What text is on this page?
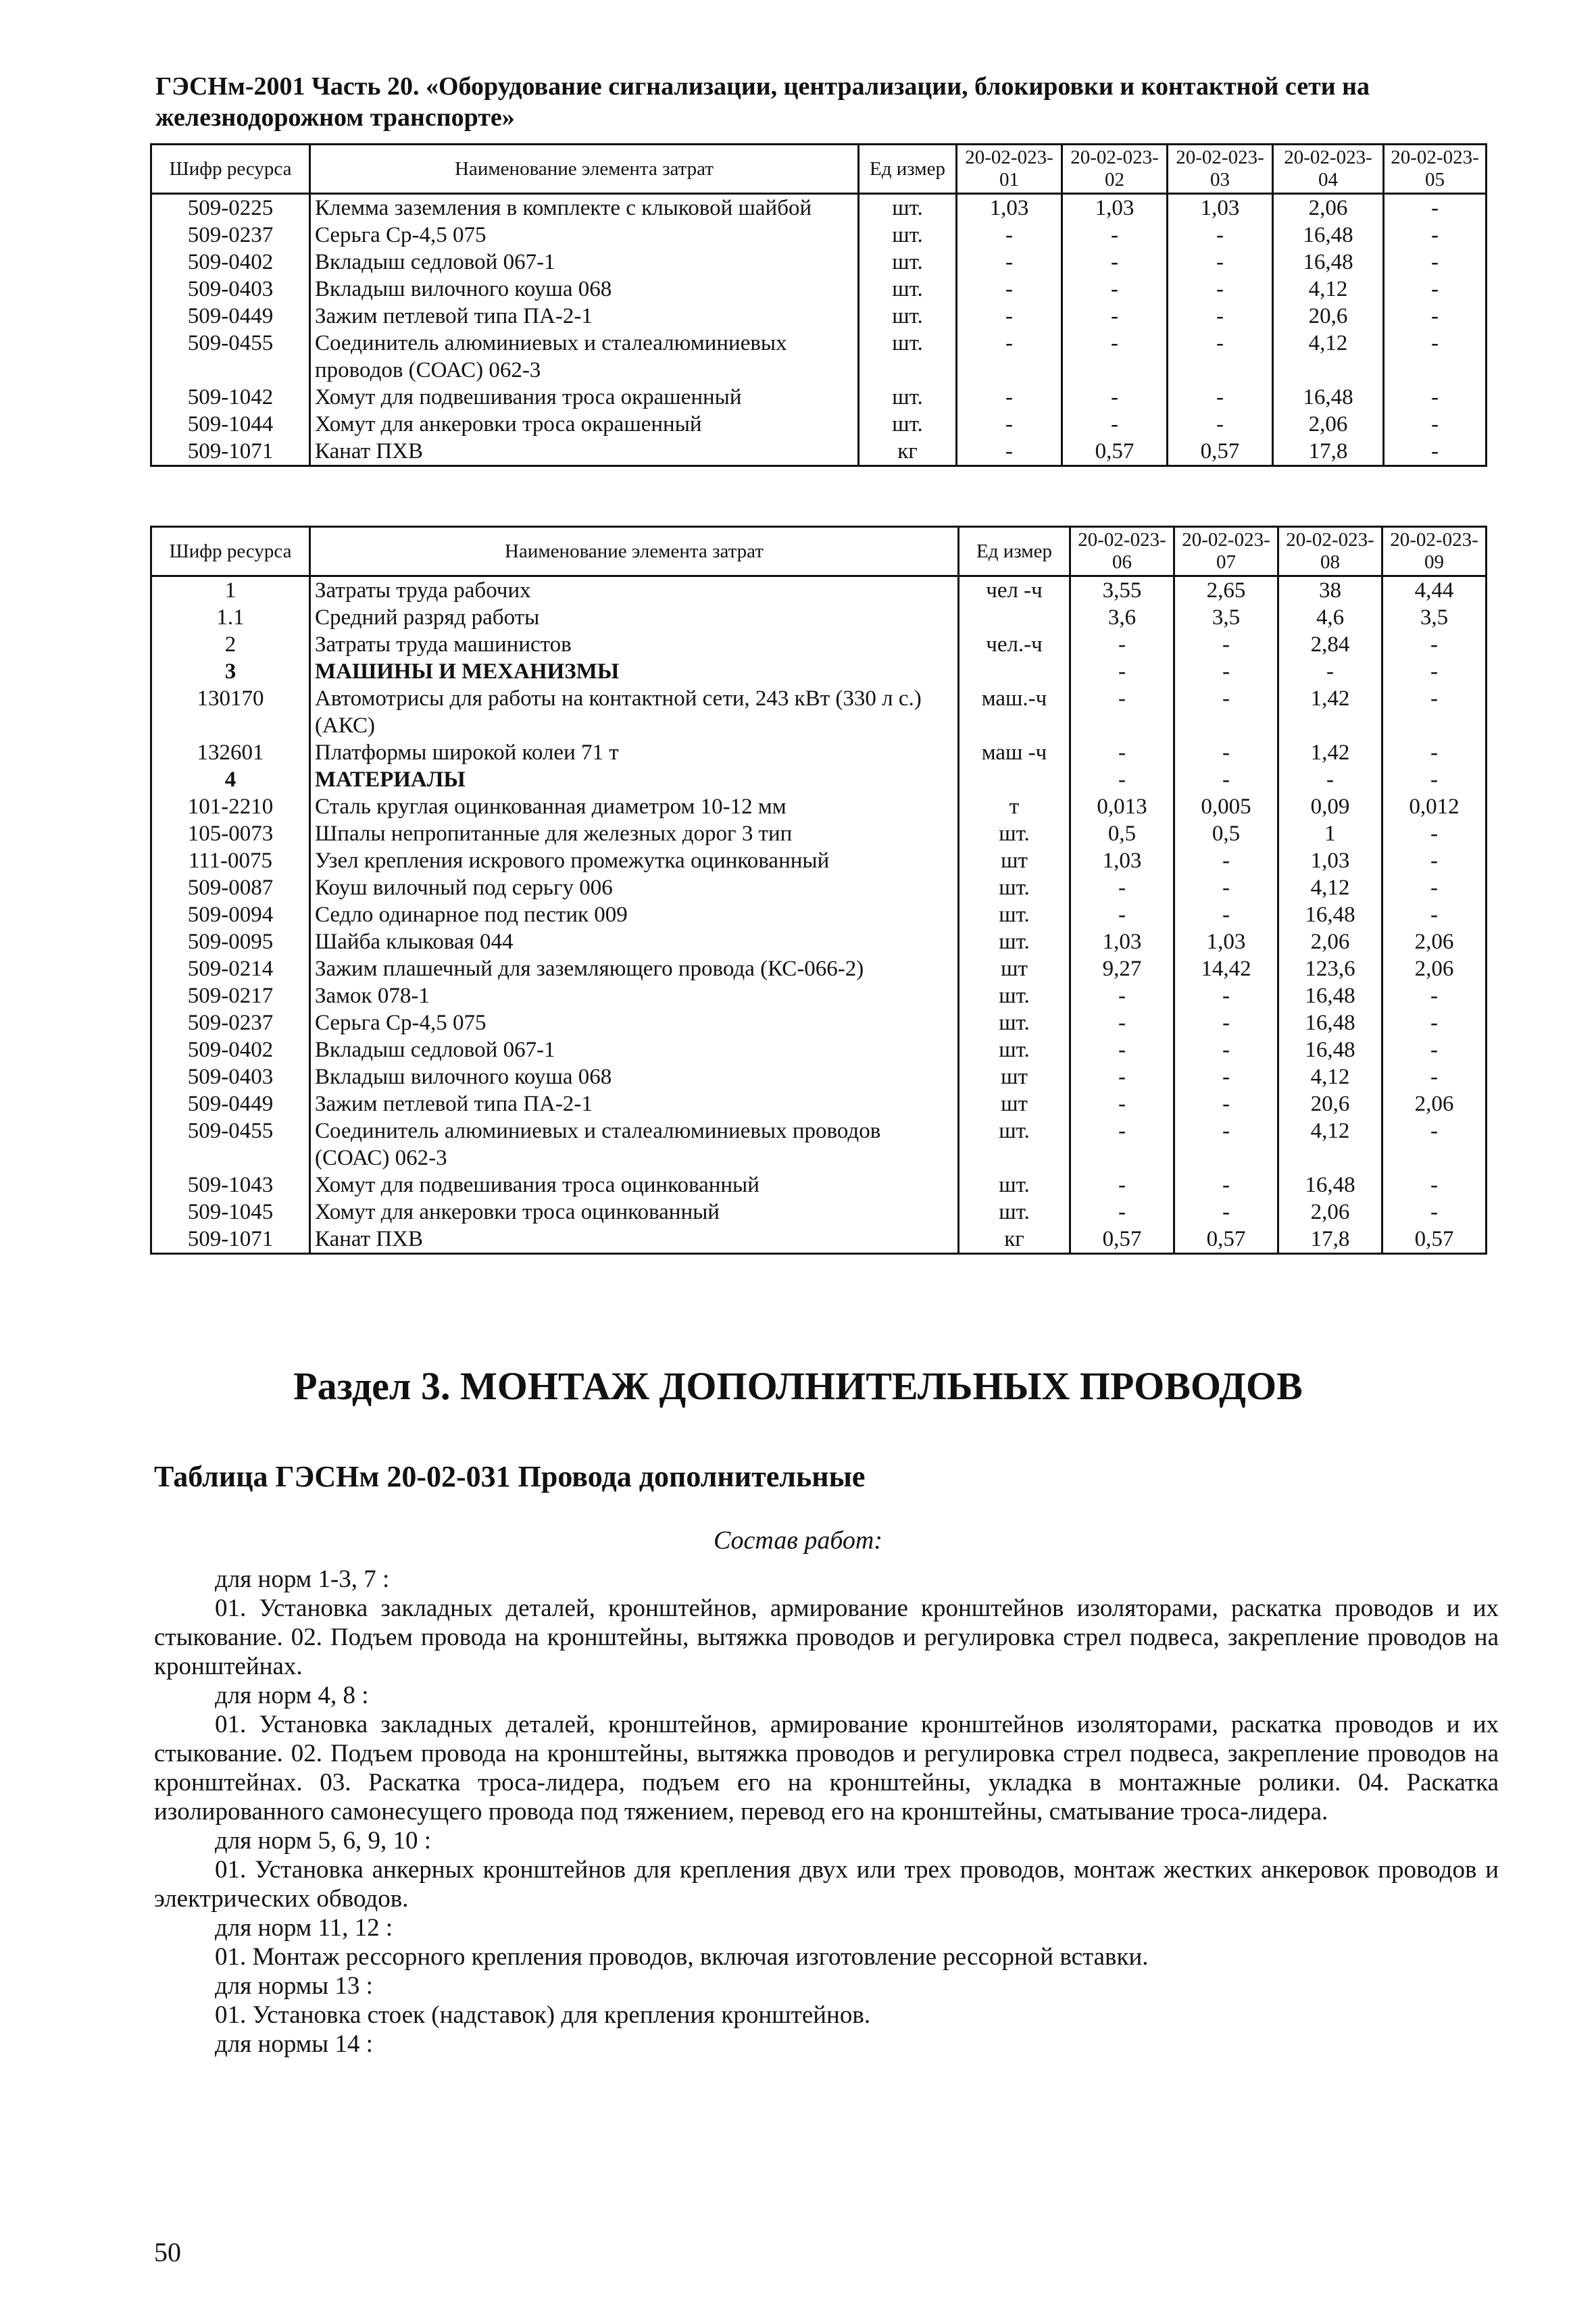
ГЭСНм-2001 Часть 20. «Оборудование сигнализации, централизации, блокировки и контактной сети на железнодорожном транспорте»
Шифр ресурса	Наименование элемента затрат	Ед измер	20-02-023-01	20-02-023-02	20-02-023-03	20-02-023-04	20-02-023-05
509-0225	Клемма заземления в комплекте с клыковой шайбой	шт.	1,03	1,03	1,03	2,06	-
509-0237	Серьга Ср-4,5 075	шт.	-	-	-	16,48	-
509-0402	Вкладыш седловой 067-1	шт.	-	-	-	16,48	-
509-0403	Вкладыш вилочного коуша 068	шт.	-	-	-	4,12	-
509-0449	Зажим петлевой типа ПА-2-1	шт.	-	-	-	20,6	-
509-0455	Соединитель алюминиевых и сталеалюминиевых проводов (СОАС) 062-3	шт.	-	-	-	4,12	-
509-1042	Хомут для подвешивания троса окрашенный	шт.	-	-	-	16,48	-
509-1044	Хомут для анкеровки троса окрашенный	шт.	-	-	-	2,06	-
509-1071	Канат ПХВ	кг	-	0,57	0,57	17,8	-
Шифр ресурса	Наименование элемента затрат	Ед измер	20-02-023-06	20-02-023-07	20-02-023-08	20-02-023-09
1	Затраты труда рабочих	чел -ч	3,55	2,65	38	4,44
1.1	Средний разряд работы		3,6	3,5	4,6	3,5
2	Затраты труда машинистов	чел.-ч	-	-	2,84	-
3	МАШИНЫ И МЕХАНИЗМЫ		-	-	-	-
130170	Автомотрисы для работы на контактной сети, 243 кВт (330 л с.) (АКС)	маш.-ч	-	-	1,42	-
132601	Платформы широкой колеи 71 т	маш -ч	-	-	1,42	-
4	МАТЕРИАЛЫ		-	-	-	-
101-2210	Сталь круглая оцинкованная диаметром 10-12 мм	т	0,013	0,005	0,09	0,012
105-0073	Шпалы непропитанные для железных дорог 3 тип	шт.	0,5	0,5	1	-
111-0075	Узел крепления искрового промежутка оцинкованный	шт	1,03	-	1,03	-
509-0087	Коуш вилочный под серьгу 006	шт.	-	-	4,12	-
509-0094	Седло одинарное под пестик 009	шт.	-	-	16,48	-
509-0095	Шайба клыковая 044	шт.	1,03	1,03	2,06	2,06
509-0214	Зажим плашечный для заземляющего провода (КС-066-2)	шт	9,27	14,42	123,6	2,06
509-0217	Замок 078-1	шт.	-	-	16,48	-
509-0237	Серьга Ср-4,5 075	шт.	-	-	16,48	-
509-0402	Вкладыш седловой 067-1	шт.	-	-	16,48	-
509-0403	Вкладыш вилочного коуша 068	шт	-	-	4,12	-
509-0449	Зажим петлевой типа ПА-2-1	шт	-	-	20,6	2,06
509-0455	Соединитель алюминиевых и сталеалюминиевых проводов (СОАС) 062-3	шт.	-	-	4,12	-
509-1043	Хомут для подвешивания троса оцинкованный	шт.	-	-	16,48	-
509-1045	Хомут для анкеровки троса оцинкованный	шт.	-	-	2,06	-
509-1071	Канат ПХВ	кг	0,57	0,57	17,8	0,57
Раздел 3. МОНТАЖ ДОПОЛНИТЕЛЬНЫХ ПРОВОДОВ
Таблица ГЭСНм 20-02-031 Провода дополнительные
Состав работ:
для норм 1-3, 7 :
01. Установка закладных деталей, кронштейнов, армирование кронштейнов изоляторами, раскатка проводов и их стыкование. 02. Подъем провода на кронштейны, вытяжка проводов и регулировка стрел подвеса, закрепление проводов на кронштейнах.
для норм 4, 8 :
01. Установка закладных деталей, кронштейнов, армирование кронштейнов изоляторами, раскатка проводов и их стыкование. 02. Подъем провода на кронштейны, вытяжка проводов и регулировка стрел подвеса, закрепление проводов на кронштейнах. 03. Раскатка троса-лидера, подъем его на кронштейны, укладка в монтажные ролики. 04. Раскатка изолированного самонесущего провода под тяжением, перевод его на кронштейны, сматывание троса-лидера.
для норм 5, 6, 9, 10 :
01. Установка анкерных кронштейнов для крепления двух или трех проводов, монтаж жестких анкеровок проводов и электрических обводов.
для норм 11, 12 :
01. Монтаж рессорного крепления проводов, включая изготовление рессорной вставки.
для нормы 13 :
01. Установка стоек (надставок) для крепления кронштейнов.
для нормы 14 :
50
